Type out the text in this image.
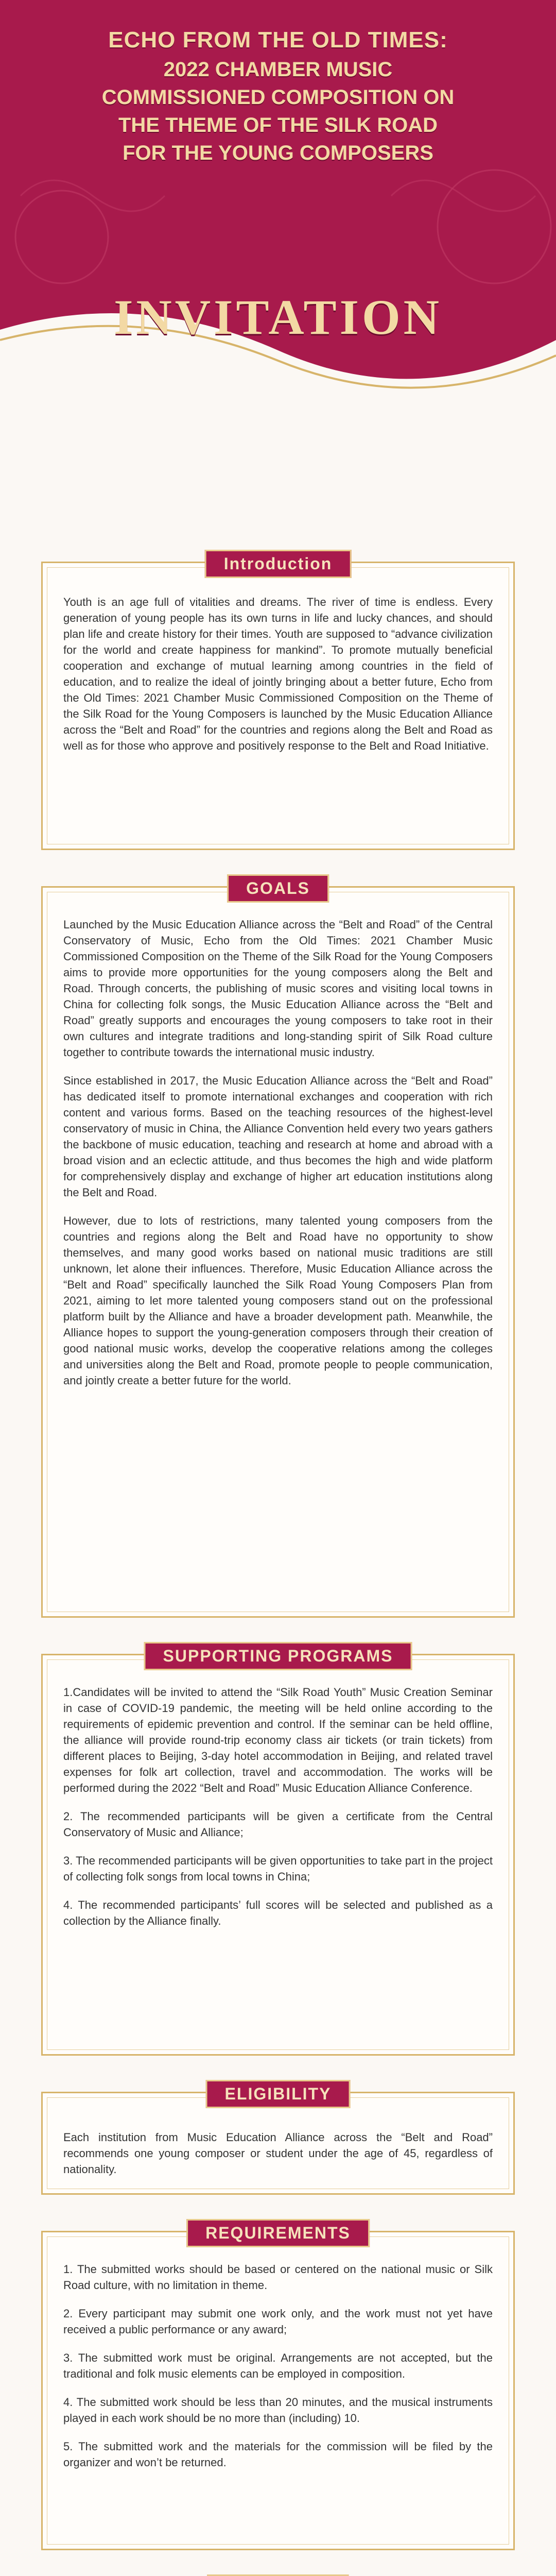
ECHO FROM THE OLD TIMES:
2022 CHAMBER MUSIC
COMMISSIONED COMPOSITION ON
THE THEME OF THE SILK ROAD
FOR THE YOUNG COMPOSERS
INVITATION
Introduction

Youth is an age full of vitalities and dreams. The river of time is endless. Every generation of young people has its own turns in life and lucky chances, and should plan life and create history for their times. Youth are supposed to “advance civilization for the world and create happiness for mankind”. To promote mutually beneficial cooperation and exchange of mutual learning among countries in the field of education, and to realize the ideal of jointly bringing about a better future, Echo from the Old Times: 2021 Chamber Music Commissioned Composition on the Theme of the Silk Road for the Young Composers is launched by the Music Education Alliance across the “Belt and Road” for the countries and regions along the Belt and Road as well as for those who approve and positively response to the Belt and Road Initiative.

GOALS

Launched by the Music Education Alliance across the “Belt and Road” of the Central Conservatory of Music, Echo from the Old Times: 2021 Chamber Music Commissioned Composition on the Theme of the Silk Road for the Young Composers aims to provide more opportunities for the young composers along the Belt and Road. Through concerts, the publishing of music scores and visiting local towns in China for collecting folk songs, the Music Education Alliance across the “Belt and Road” greatly supports and encourages the young composers to take root in their own cultures and integrate traditions and long-standing spirit of Silk Road culture together to contribute towards the international music industry.

Since established in 2017, the Music Education Alliance across the “Belt and Road” has dedicated itself to promote international exchanges and cooperation with rich content and various forms. Based on the teaching resources of the highest-level conservatory of music in China, the Alliance Convention held every two years gathers the backbone of music education, teaching and research at home and abroad with a broad vision and an eclectic attitude, and thus becomes the high and wide platform for comprehensively display and exchange of higher art education institutions along the Belt and Road.

However, due to lots of restrictions, many talented young composers from the countries and regions along the Belt and Road have no opportunity to show themselves, and many good works based on national music traditions are still unknown, let alone their influences. Therefore, Music Education Alliance across the “Belt and Road” specifically launched the Silk Road Young Composers Plan from 2021, aiming to let more talented young composers stand out on the professional platform built by the Alliance and have a broader development path. Meanwhile, the Alliance hopes to support the young-generation composers through their creation of good national music works, develop the cooperative relations among the colleges and universities along the Belt and Road, promote people to people communication, and jointly create a better future for the world.

SUPPORTING PROGRAMS

1.Candidates will be invited to attend the “Silk Road Youth” Music Creation Seminar in case of COVID-19 pandemic, the meeting will be held online according to the requirements of epidemic prevention and control. If the seminar can be held offline, the alliance will provide round-trip economy class air tickets (or train tickets) from different places to Beijing, 3-day hotel accommodation in Beijing, and related travel expenses for folk art collection, travel and accommodation. The works will be performed during the 2022 “Belt and Road” Music Education Alliance Conference.

2. The recommended participants will be given a certificate from the Central Conservatory of Music and Alliance;

3. The recommended participants will be given opportunities to take part in the project of collecting folk songs from local towns in China;

4. The recommended participants’ full scores will be selected and published as a collection by the Alliance finally.

ELIGIBILITY

Each institution from Music Education Alliance across the “Belt and Road” recommends one young composer or student under the age of 45, regardless of nationality.

REQUIREMENTS

1. The submitted works should be based or centered on the national music or Silk Road culture, with no limitation in theme.

2. Every participant may submit one work only, and the work must not yet have received a public performance or any award;

3. The submitted work must be original. Arrangements are not accepted, but the traditional and folk music elements can be employed in composition.

4. The submitted work should be less than 20 minutes, and the musical instruments played in each work should be no more than (including) 10.

5. The submitted work and the materials for the commission will be filed by the organizer and won’t be returned.
